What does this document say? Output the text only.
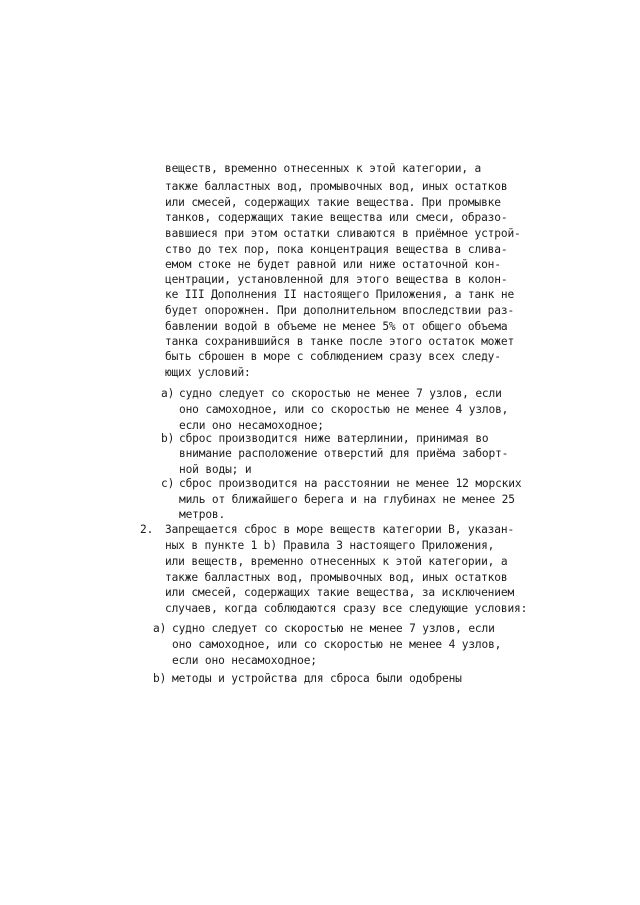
веществ, временно отнесенных к этой категории, а
также балластных вод, промывочных вод, иных остатков
или смесей, содержащих такие вещества. При промывке
танков, содержащих такие вещества или смеси, образо-
вавшиеся при этом остатки сливаются в приёмное устрой-
ство до тех пор, пока концентрация вещества в слива-
емом стоке не будет равной или ниже остаточной кон-
центрации, установленной для этого вещества в колон-
ке III Дополнения II настоящего Приложения, а танк не
будет опорожнен. При дополнительном впоследствии раз-
бавлении водой в объеме не менее 5% от общего объема
танка сохранившийся в танке после этого остаток может
быть сброшен в море с соблюдением сразу всех следу-
ющих условий:
a) судно следует со скоростью не менее 7 узлов, если
оно самоходное, или со скоростью не менее 4 узлов,
если оно несамоходное;
b) сброс производится ниже ватерлинии, принимая во
внимание расположение отверстий для приёма заборт-
ной воды; и
c) сброс производится на расстоянии не менее 12 морских
миль от ближайшего берега и на глубинах не менее 25
метров.
2. Запрещается сброс в море веществ категории В, указан-
ных в пункте 1 b) Правила 3 настоящего Приложения,
или веществ, временно отнесенных к этой категории, а
также балластных вод, промывочных вод, иных остатков
или смесей, содержащих такие вещества, за исключением
случаев, когда соблюдаются сразу все следующие условия:
a) судно следует со скоростью не менее 7 узлов, если
оно самоходное, или со скоростью не менее 4 узлов,
если оно несамоходное;
b) методы и устройства для сброса были одобрены
